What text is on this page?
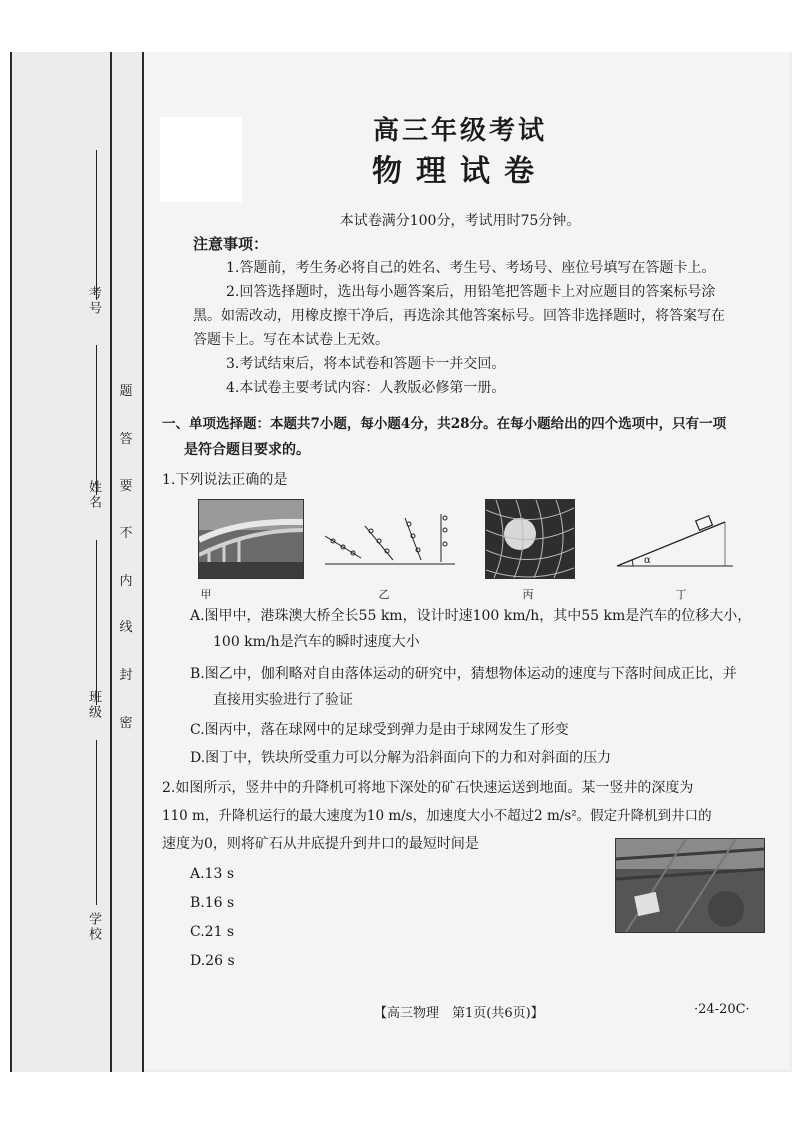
考号
姓名
班级
学校
题
答
要
不
内
线
封
密
高三年级考试
物理试卷
本试卷满分100分，考试用时75分钟。
注意事项：
1.答题前，考生务必将自己的姓名、考生号、考场号、座位号填写在答题卡上。
2.回答选择题时，选出每小题答案后，用铅笔把答题卡上对应题目的答案标号涂
黑。如需改动，用橡皮擦干净后，再选涂其他答案标号。回答非选择题时，将答案写在
答题卡上。写在本试卷上无效。
3.考试结束后，将本试卷和答题卡一并交回。
4.本试卷主要考试内容：人教版必修第一册。
一、单项选择题：本题共7小题，每小题4分，共28分。在每小题给出的四个选项中，只有一项
是符合题目要求的。
1.下列说法正确的是
甲	乙	丙
α
丁
A.图甲中，港珠澳大桥全长55 km，设计时速100 km/h，其中55 km是汽车的位移大小，
100 km/h是汽车的瞬时速度大小
B.图乙中，伽利略对自由落体运动的研究中，猜想物体运动的速度与下落时间成正比，并
直接用实验进行了验证
C.图丙中，落在球网中的足球受到弹力是由于球网发生了形变
D.图丁中，铁块所受重力可以分解为沿斜面向下的力和对斜面的压力
2.如图所示，竖井中的升降机可将地下深处的矿石快速运送到地面。某一竖井的深度为
110 m，升降机运行的最大速度为10 m/s，加速度大小不超过2 m/s²。假定升降机到井口的
速度为0，则将矿石从井底提升到井口的最短时间是
A.13 s
B.16 s
C.21 s
D.26 s
【高三物理　第1页(共6页)】	·24-20C·
